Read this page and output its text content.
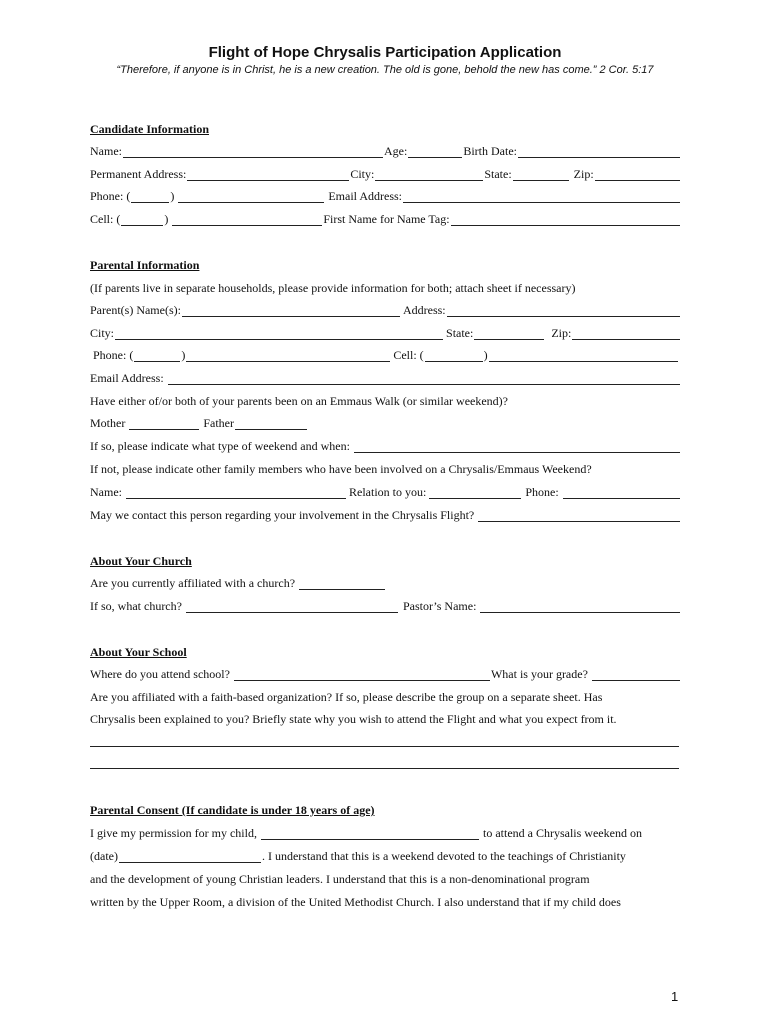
Flight of Hope Chrysalis Participation Application
“Therefore, if anyone is in Christ, he is a new creation. The old is gone, behold the new has come.” 2 Cor. 5:17
Candidate Information
Name:	Age:	Birth Date:
Permanent Address:	City:	State:	Zip:
Phone: (	)	Email Address:
Cell: (	)	First Name for Name Tag:
Parental Information
(If parents live in separate households, please provide information for both; attach sheet if necessary)
Parent(s) Name(s):	Address:
City:	State:	Zip:
Phone: (	)	Cell: (	)
Email Address:
Have either of/or both of your parents been on an Emmaus Walk (or similar weekend)?
Mother	Father
If so, please indicate what type of weekend and when:
If not, please indicate other family members who have been involved on a Chrysalis/Emmaus Weekend?
Name:	Relation to you:	Phone:
May we contact this person regarding your involvement in the Chrysalis Flight?
About Your Church
Are you currently affiliated with a church?
If so, what church?	Pastor’s Name:
About Your School
Where do you attend school?	What is your grade?
Are you affiliated with a faith-based organization? If so, please describe the group on a separate sheet. Has
Chrysalis been explained to you? Briefly state why you wish to attend the Flight and what you expect from it.
Parental Consent (If candidate is under 18 years of age)
I give my permission for my child,	to attend a Chrysalis weekend on
(date)	. I understand that this is a weekend devoted to the teachings of Christianity
and the development of young Christian leaders. I understand that this is a non-denominational program
written by the Upper Room, a division of the United Methodist Church. I also understand that if my child does
1
